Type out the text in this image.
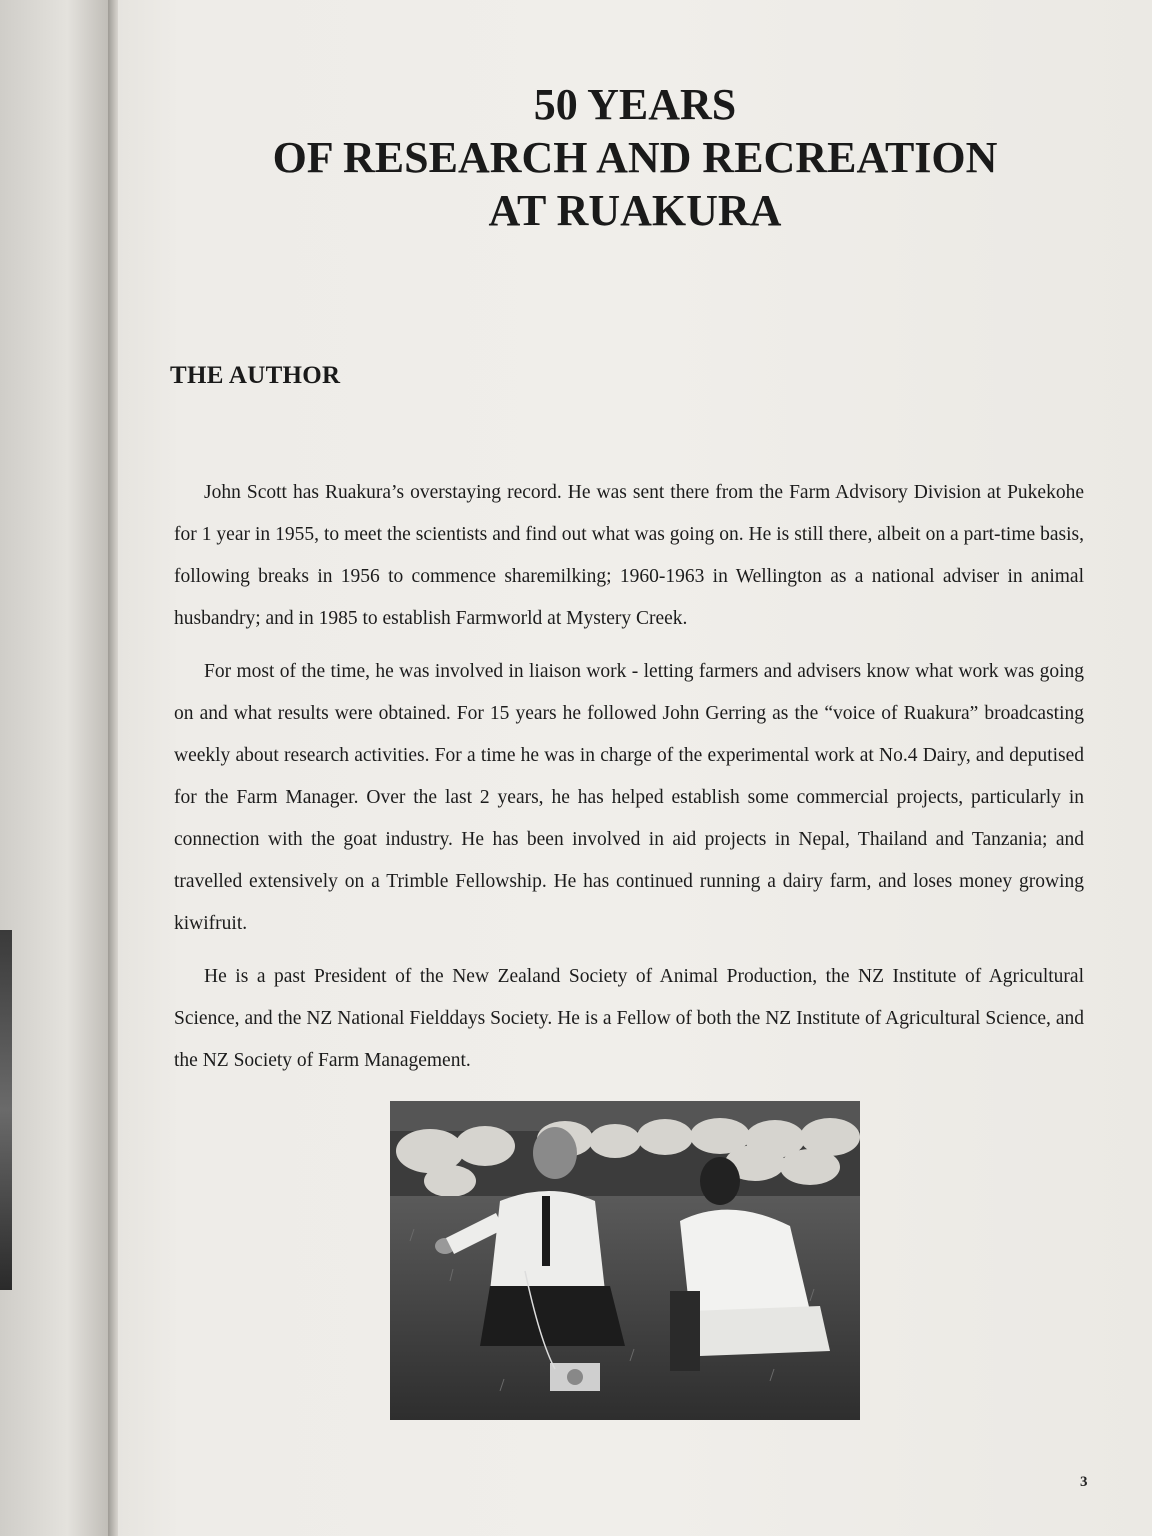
50 YEARS
OF RESEARCH AND RECREATION
AT RUAKURA
THE AUTHOR

John Scott has Ruakura’s overstaying record. He was sent there from the Farm Advisory Division at Pukekohe for 1 year in 1955, to meet the scientists and find out what was going on. He is still there, albeit on a part-time basis, following breaks in 1956 to commence sharemilking; 1960-1963 in Wellington as a national adviser in animal husbandry; and in 1985 to establish Farmworld at Mystery Creek.

For most of the time, he was involved in liaison work - letting farmers and advisers know what work was going on and what results were obtained. For 15 years he followed John Gerring as the “voice of Ruakura” broadcasting weekly about research activities. For a time he was in charge of the experimental work at No.4 Dairy, and deputised for the Farm Manager. Over the last 2 years, he has helped establish some commercial projects, particularly in connection with the goat industry. He has been involved in aid projects in Nepal, Thailand and Tanzania; and travelled extensively on a Trimble Fellowship. He has continued running a dairy farm, and loses money growing kiwifruit.

He is a past President of the New Zealand Society of Animal Production, the NZ Institute of Agricultural Science, and the NZ National Fielddays Society. He is a Fellow of both the NZ Institute of Agricultural Science, and the NZ Society of Farm Management.

3
